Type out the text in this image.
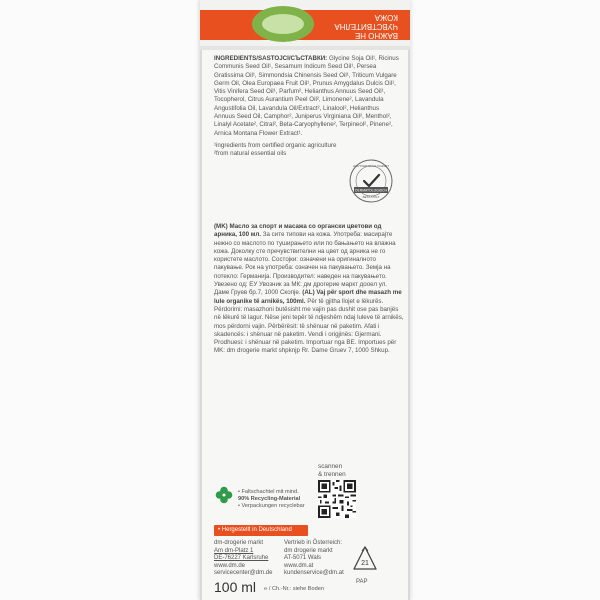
ВАЖНО НЕ ЧУВСТВИТЕЛНА КОЖА
INGREDIENTS/SASTOJCI/СЪСТАВКИ: Glycine Soja Oil¹, Ricinus Communis Seed Oil¹, Sesamum Indicum Seed Oil¹, Persea Gratissima Oil¹, Simmondsia Chinensis Seed Oil¹, Triticum Vulgare Germ Oil, Olea Europaea Fruit Oil¹, Prunus Amygdalus Dulcis Oil¹, Vitis Vinifera Seed Oil¹, Parfum², Helianthus Annuus Seed Oil¹, Tocopherol, Citrus Aurantium Peel Oil², Limonene², Lavandula Angustifolia Oil, Lavandula Oil/Extract², Linalool², Helianthus Annuus Seed Oil, Camphor², Juniperus Virginiana Oil², Menthol², Linalyl Acetate², Citral², Beta-Caryophyllene², Terpineol², Pinene², Arnica Montana Flower Extract¹.
¹ingredients from certified organic agriculture
²from natural essential oils
DERMATOLOGISCH
HAUTVERTRÄGLICHKEIT
BESTÄTIGT
(MK) Масло за спорт и масажа со органски цветови од арника, 100 мл. За сите типови на кожа. Употреба: масирајте нежно со маслото по туширањето или по бањањето на влажна кожа. Доколку сте пречувствителни на цвет од арника не го користете маслото. Состојки: означени на оригиналното пакување. Рок на употреба: означен на пакувањето. Земја на потекло: Германија. Производител: наведен на пакувањето. Увезено од: ЕУ Увозник за МК: дм дрогерие маркт дооел ул. Даме Груев бр.7, 1000 Скопје. (AL) Vaj për sport dhe masazh me lule organike të arnikës, 100ml. Për të gjitha llojet e lëkurës. Përdorimi: masazhoni butësisht me vajin pas dushit ose pas banjës në lëkurë të lagur. Nëse jeni tepër të ndjeshëm ndaj luleve të arnikës, mos përdorni vajin. Përbërësit: të shënuar në paketim. Afati i skadencës: i shënuar në paketim. Vendi i origjinës: Gjermani. Prodhuesi: i shënuar në paketim. Importuar nga BE. Importues për MK: dm drogerie markt shpknjp Rr. Dame Gruev 7, 1000 Shkup.
scannen
& trennen
• Faltschachtel mit mind.
90% Recycling-Material
• Verpackungen recyclebar
• Hergestellt in Deutschland
dm-drogerie markt
Am dm-Platz 1
DE-76227 Karlsruhe
www.dm.de
servicecenter@dm.de
Vertrieb in Österreich:
dm drogerie markt
AT-5071 Wals
www.dm.at
kundenservice@dm.at
21
PAP
100 ml ℮ / Ch.-Nr.: siehe Boden
